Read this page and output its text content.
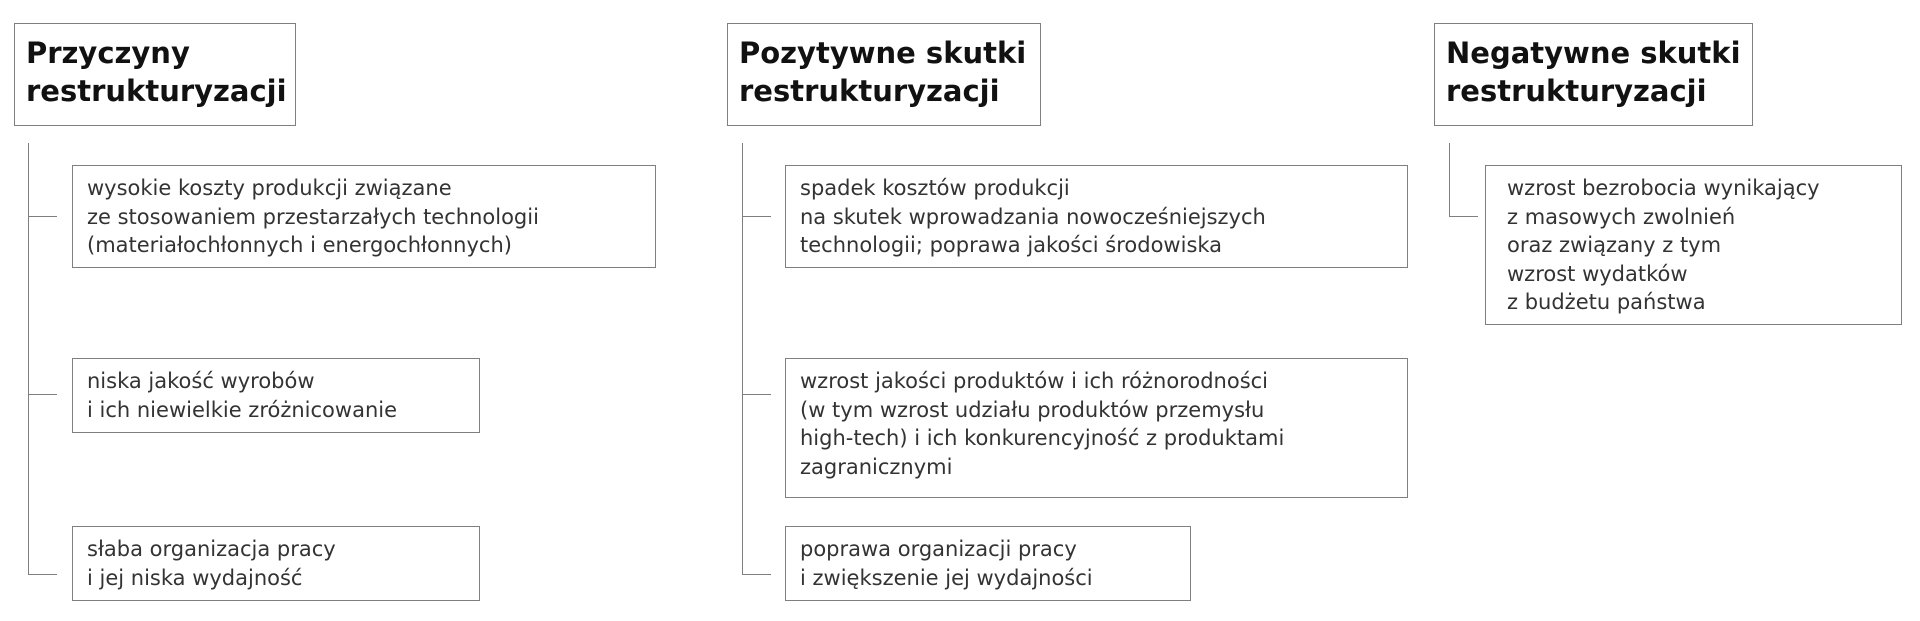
Przyczyny
restrukturyzacji
wysokie koszty produkcji związane
ze stosowaniem przestarzałych technologii
(materiałochłonnych i energochłonnych)
niska jakość wyrobów
i ich niewielkie zróżnicowanie
słaba organizacja pracy
i jej niska wydajność
Pozytywne skutki
restrukturyzacji
spadek kosztów produkcji
na skutek wprowadzania nowocześniejszych
technologii; poprawa jakości środowiska
wzrost jakości produktów i ich różnorodności
(w tym wzrost udziału produktów przemysłu
high-tech) i ich konkurencyjność z produktami
zagranicznymi
poprawa organizacji pracy
i zwiększenie jej wydajności
Negatywne skutki
restrukturyzacji
wzrost bezrobocia wynikający
z masowych zwolnień
oraz związany z tym
wzrost wydatków
z budżetu państwa
